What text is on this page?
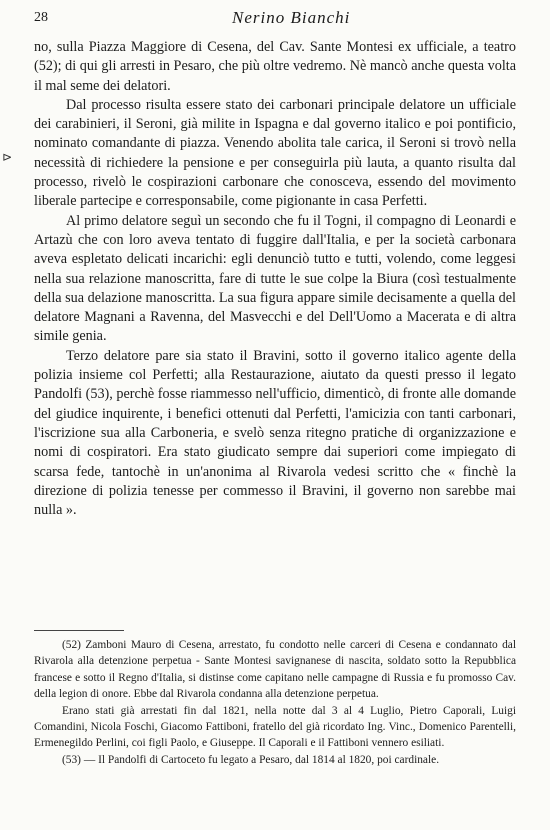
28	Nerino Bianchi
⊳

no, sulla Piazza Maggiore di Cesena, del Cav. Sante Montesi ex ufficiale, a teatro (52); di qui gli arresti in Pesaro, che più oltre vedremo. Nè mancò anche questa volta il mal seme dei delatori.

Dal processo risulta essere stato dei carbonari principale delatore un ufficiale dei carabinieri, il Seroni, già milite in Ispagna e dal governo italico e poi pontificio, nominato comandante di piazza. Venendo abolita tale carica, il Seroni si trovò nella necessità di richiedere la pensione e per conseguirla più lauta, a quanto risulta dal processo, rivelò le cospirazioni carbonare che conosceva, essendo del movimento liberale partecipe e corresponsabile, come pigionante in casa Perfetti.

Al primo delatore seguì un secondo che fu il Togni, il compagno di Leonardi e Artazù che con loro aveva tentato di fuggire dall'Italia, e per la società carbonara aveva espletato delicati incarichi: egli denunciò tutto e tutti, volendo, come leggesi nella sua relazione manoscritta, fare di tutte le sue colpe la Biura (così testualmente della sua delazione manoscritta. La sua figura appare simile decisamente a quella del delatore Magnani a Ravenna, del Masvecchi e del Dell'Uomo a Macerata e di altra simile genia.

Terzo delatore pare sia stato il Bravini, sotto il governo italico agente della polizia insieme col Perfetti; alla Restaurazione, aiutato da questi presso il legato Pandolfi (53), perchè fosse riammesso nell'ufficio, dimenticò, di fronte alle domande del giudice inquirente, i benefici ottenuti dal Perfetti, l'amicizia con tanti carbonari, l'iscrizione sua alla Carboneria, e svelò senza ritegno pratiche di organizzazione e nomi di cospiratori. Era stato giudicato sempre dai superiori come impiegato di scarsa fede, tantochè in un'anonima al Rivarola vedesi scritto che « finchè la direzione di polizia tenesse per commesso il Bravini, il governo non sarebbe mai nulla ».

(52) Zamboni Mauro di Cesena, arrestato, fu condotto nelle carceri di Cesena e condannato dal Rivarola alla detenzione perpetua - Sante Montesi savignanese di nascita, soldato sotto la Repubblica francese e sotto il Regno d'Italia, si distinse come capitano nelle campagne di Russia e fu promosso Cav. della legion di onore. Ebbe dal Rivarola condanna alla detenzione perpetua.

Erano stati già arrestati fin dal 1821, nella notte dal 3 al 4 Luglio, Pietro Caporali, Luigi Comandini, Nicola Foschi, Giacomo Fattiboni, fratello del già ricordato Ing. Vinc., Domenico Parentelli, Ermenegildo Perlini, coi figli Paolo, e Giuseppe. Il Caporali e il Fattiboni vennero esiliati.

(53) — Il Pandolfi di Cartoceto fu legato a Pesaro, dal 1814 al 1820, poi cardinale.
